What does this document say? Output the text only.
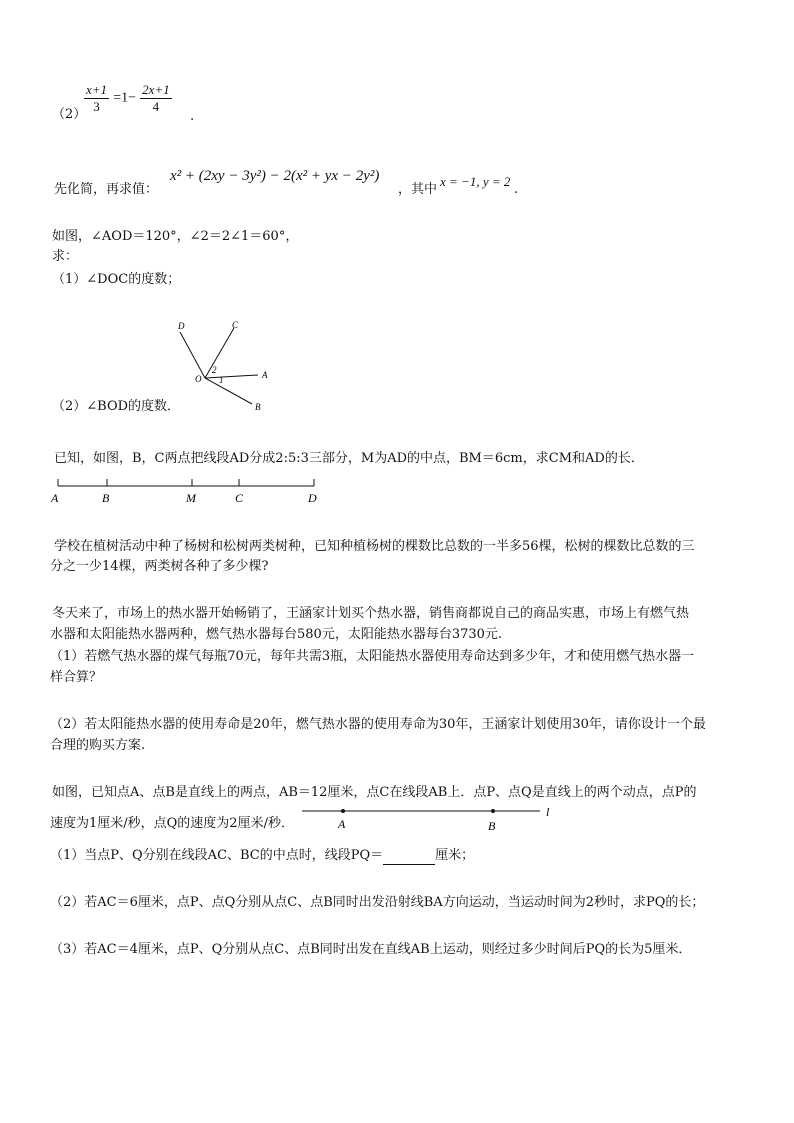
（2）
$\frac{x+1}{3} =1- \frac{2x+1}{4}$
.
先化简，再求值：
x² + (2xy − 3y²) − 2(x² + yx − 2y²)
，其中
x = −1, y = 2
.
如图，∠AOD＝120°，∠2＝2∠1＝60°，
求：
（1）∠DOC的度数；
D	C
O	A
B
2
1
（2）∠BOD的度数．
已知，如图，B，C两点把线段AD分成2:5:3三部分，M为AD的中点，BM＝6cm，求CM和AD的长．
A	B	M	C	D
学校在植树活动中种了杨树和松树两类树种，已知种植杨树的棵数比总数的一半多56棵，松树的棵数比总数的三
分之一少14棵，两类树各种了多少棵?
冬天来了，市场上的热水器开始畅销了，王涵家计划买个热水器，销售商都说自己的商品实惠，市场上有燃气热
水器和太阳能热水器两种，燃气热水器每台580元，太阳能热水器每台3730元.
（1）若燃气热水器的煤气每瓶70元，每年共需3瓶，太阳能热水器使用寿命达到多少年，才和使用燃气热水器一
样合算？
（2）若太阳能热水器的使用寿命是20年，燃气热水器的使用寿命为30年，王涵家计划使用30年，请你设计一个最
合理的购买方案.
如图，已知点A、点B是直线上的两点，AB＝12厘米，点C在线段AB上．点P、点Q是直线上的两个动点，点P的
速度为1厘米/秒，点Q的速度为2厘米/秒．	A	B
l
（1）当点P、Q分别在线段AC、BC的中点时，线段PQ＝	厘米；
（2）若AC＝6厘米，点P、点Q分别从点C、点B同时出发沿射线BA方向运动，当运动时间为2秒时，求PQ的长；
（3）若AC＝4厘米，点P、Q分别从点C、点B同时出发在直线AB上运动，则经过多少时间后PQ的长为5厘米．
